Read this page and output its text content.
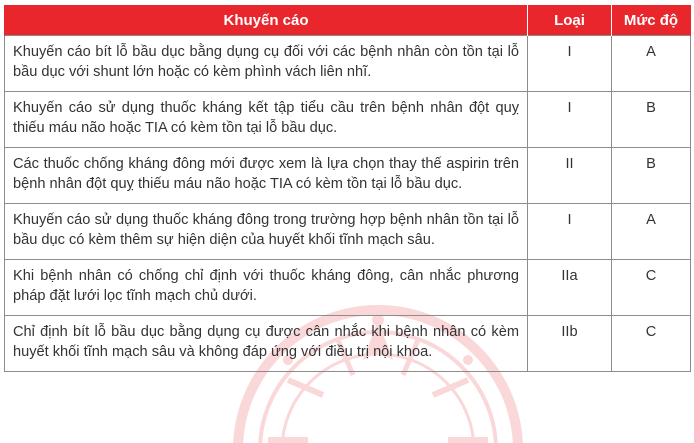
Khuyến cáo	Loại	Mức độ
Khuyến cáo bít lỗ bầu dục bằng dụng cụ đối với các bệnh nhân còn tồn tại lỗ bầu dục với shunt lớn hoặc có kèm phình vách liên nhĩ.	I	A
Khuyến cáo sử dụng thuốc kháng kết tập tiểu cầu trên bệnh nhân đột quỵ thiếu máu não hoặc TIA có kèm tồn tại lỗ bầu dục.	I	B
Các thuốc chống kháng đông mới được xem là lựa chọn thay thế aspirin trên bệnh nhân đột quỵ thiếu máu não hoặc TIA có kèm tồn tại lỗ bầu dục.	II	B
Khuyến cáo sử dụng thuốc kháng đông trong trường hợp bệnh nhân tồn tại lỗ bầu dục có kèm thêm sự hiện diện của huyết khối tĩnh mạch sâu.	I	A
Khi bệnh nhân có chống chỉ định với thuốc kháng đông, cân nhắc phương pháp đặt lưới lọc tĩnh mạch chủ dưới.	IIa	C
Chỉ định bít lỗ bầu dục bằng dụng cụ được cân nhắc khi bệnh nhân có kèm huyết khối tĩnh mạch sâu và không đáp ứng với điều trị nội khoa.	IIb	C
